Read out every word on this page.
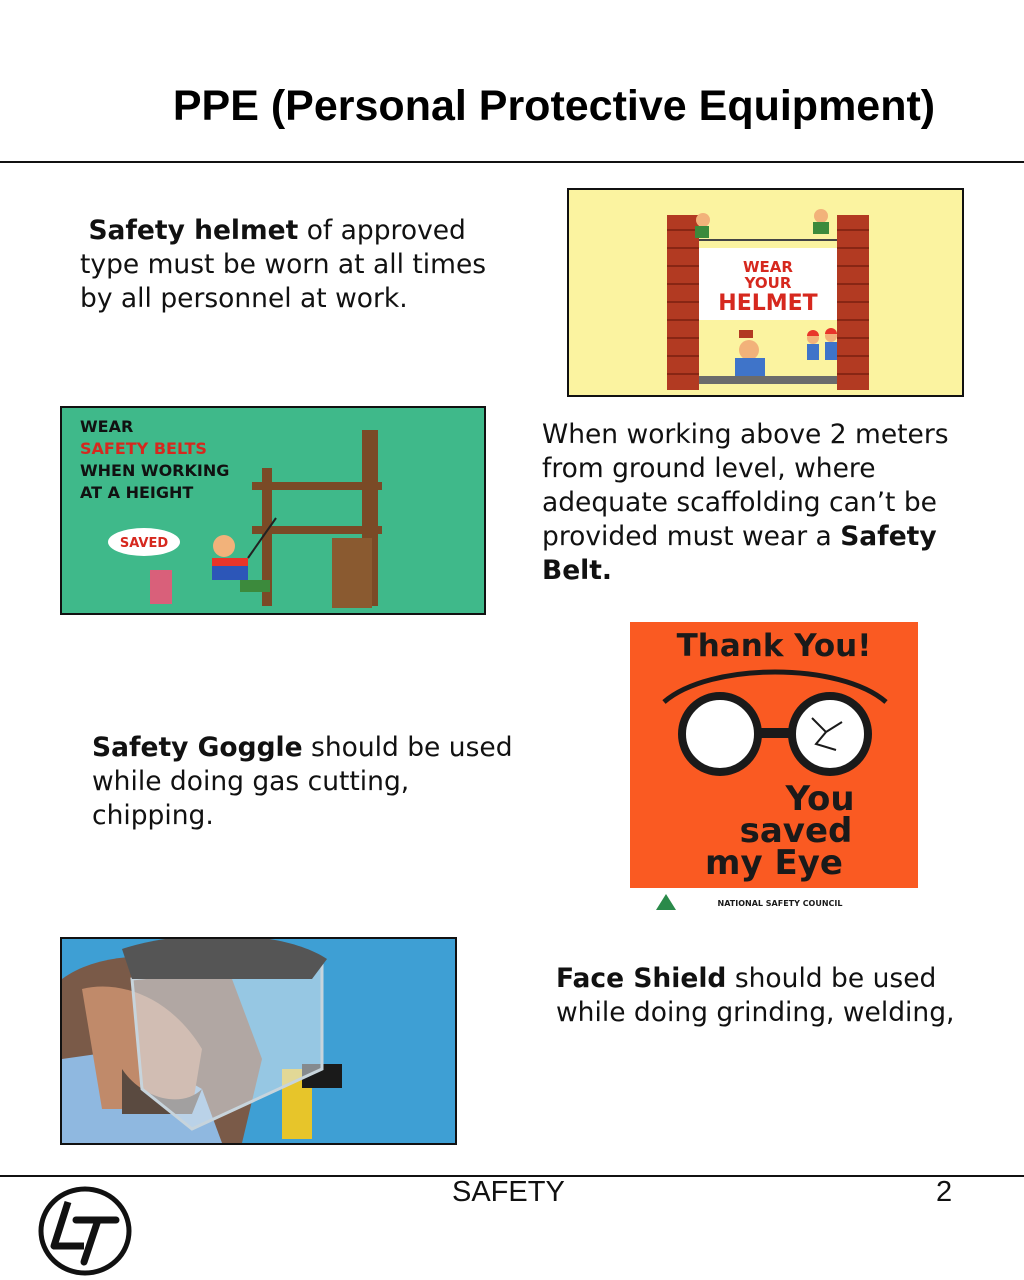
PPE (Personal Protective Equipment)
Safety helmet of approved type must be worn at all times by all personnel at work.
WEAR
YOUR
HELMET
WEAR
SAFETY BELTS
WHEN WORKING
AT A HEIGHT
SAVED
When working above 2 meters from ground level, where adequate scaffolding can’t be provided must wear a Safety Belt.
Thank You!
You
saved
my Eye
NATIONAL SAFETY COUNCIL
Safety Goggle should be used while doing gas cutting, chipping.
Face Shield should be used while doing grinding, welding,
SAFETY	2
